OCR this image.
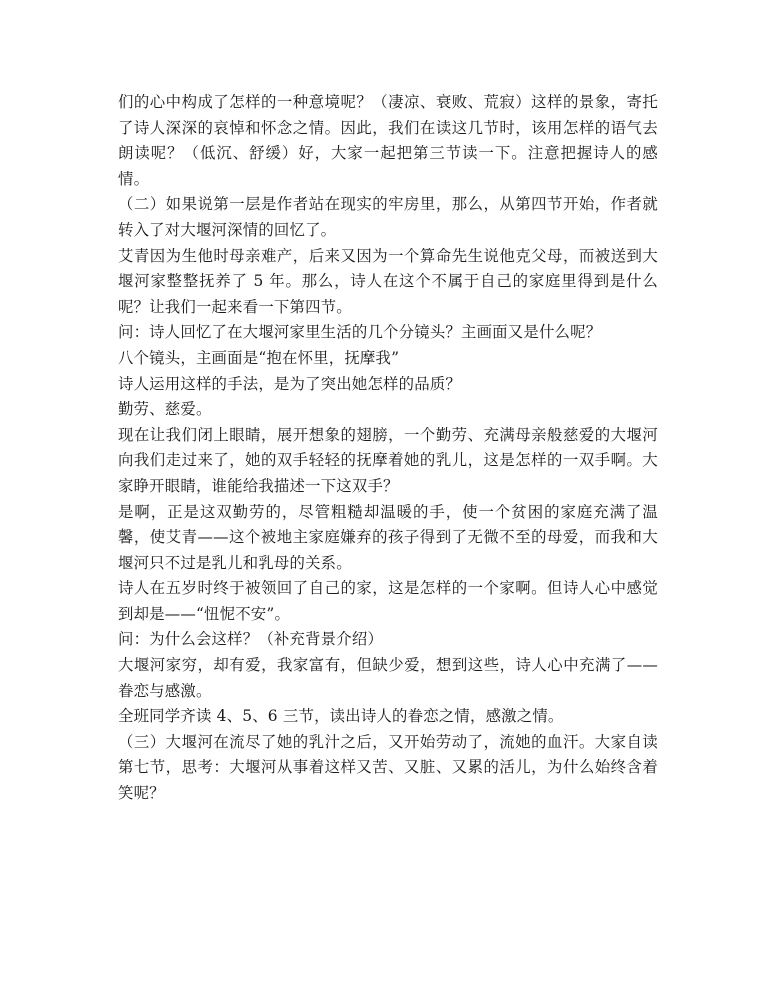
们的心中构成了怎样的一种意境呢？（凄凉、衰败、荒寂）这样的景象，寄托了诗人深深的哀悼和怀念之情。因此，我们在读这几节时，该用怎样的语气去朗读呢？（低沉、舒缓）好，大家一起把第三节读一下。注意把握诗人的感情。

（二）如果说第一层是作者站在现实的牢房里，那么，从第四节开始，作者就转入了对大堰河深情的回忆了。

艾青因为生他时母亲难产，后来又因为一个算命先生说他克父母，而被送到大堰河家整整抚养了 5 年。那么，诗人在这个不属于自己的家庭里得到是什么呢？让我们一起来看一下第四节。

问：诗人回忆了在大堰河家里生活的几个分镜头？主画面又是什么呢？

八个镜头，主画面是“抱在怀里，抚摩我”

诗人运用这样的手法，是为了突出她怎样的品质？

勤劳、慈爱。

现在让我们闭上眼睛，展开想象的翅膀，一个勤劳、充满母亲般慈爱的大堰河向我们走过来了，她的双手轻轻的抚摩着她的乳儿，这是怎样的一双手啊。大家睁开眼睛，谁能给我描述一下这双手？

是啊，正是这双勤劳的，尽管粗糙却温暖的手，使一个贫困的家庭充满了温馨，使艾青——这个被地主家庭嫌弃的孩子得到了无微不至的母爱，而我和大堰河只不过是乳儿和乳母的关系。

诗人在五岁时终于被领回了自己的家，这是怎样的一个家啊。但诗人心中感觉到却是——“忸怩不安”。

问：为什么会这样？（补充背景介绍）

大堰河家穷，却有爱，我家富有，但缺少爱，想到这些，诗人心中充满了——眷恋与感激。

全班同学齐读 4、5、6 三节，读出诗人的眷恋之情，感激之情。

（三）大堰河在流尽了她的乳汁之后，又开始劳动了，流她的血汗。大家自读第七节，思考：大堰河从事着这样又苦、又脏、又累的活儿，为什么始终含着笑呢？
